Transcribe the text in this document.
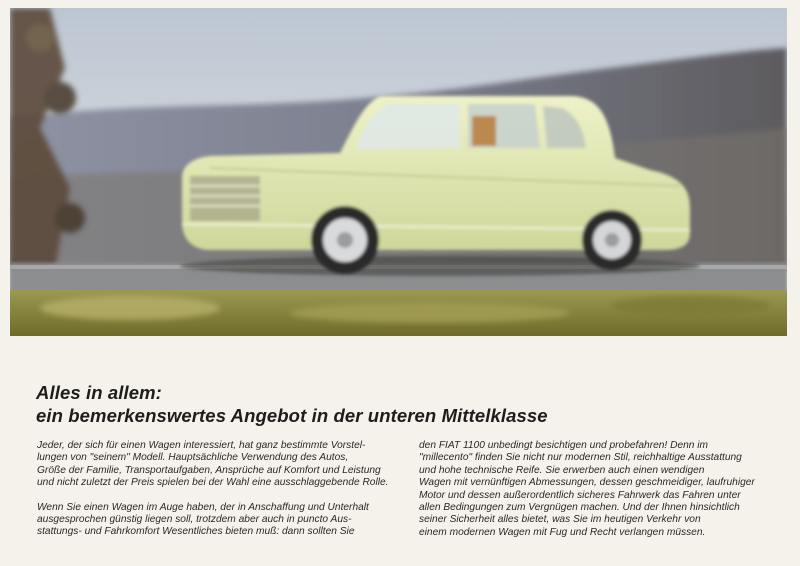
Alles in allem:
ein bemerkenswertes Angebot in der unteren Mittelklasse

Jeder, der sich für einen Wagen interessiert, hat ganz bestimmte Vorstel-
lungen von "seinem" Modell. Hauptsächliche Verwendung des Autos,
Größe der Familie, Transportaufgaben, Ansprüche auf Komfort und Leistung
und nicht zuletzt der Preis spielen bei der Wahl eine ausschlaggebende Rolle.

Wenn Sie einen Wagen im Auge haben, der in Anschaffung und Unterhalt
ausgesprochen günstig liegen soll, trotzdem aber auch in puncto Aus-
stattungs- und Fahrkomfort Wesentliches bieten muß: dann sollten Sie

den FIAT 1100 unbedingt besichtigen und probefahren! Denn im
"millecento" finden Sie nicht nur modernen Stil, reichhaltige Ausstattung
und hohe technische Reife. Sie erwerben auch einen wendigen
Wagen mit vernünftigen Abmessungen, dessen geschmeidiger, laufruhiger
Motor und dessen außerordentlich sicheres Fahrwerk das Fahren unter
allen Bedingungen zum Vergnügen machen. Und der Ihnen hinsichtlich
seiner Sicherheit alles bietet, was Sie im heutigen Verkehr von
einem modernen Wagen mit Fug und Recht verlangen müssen.
